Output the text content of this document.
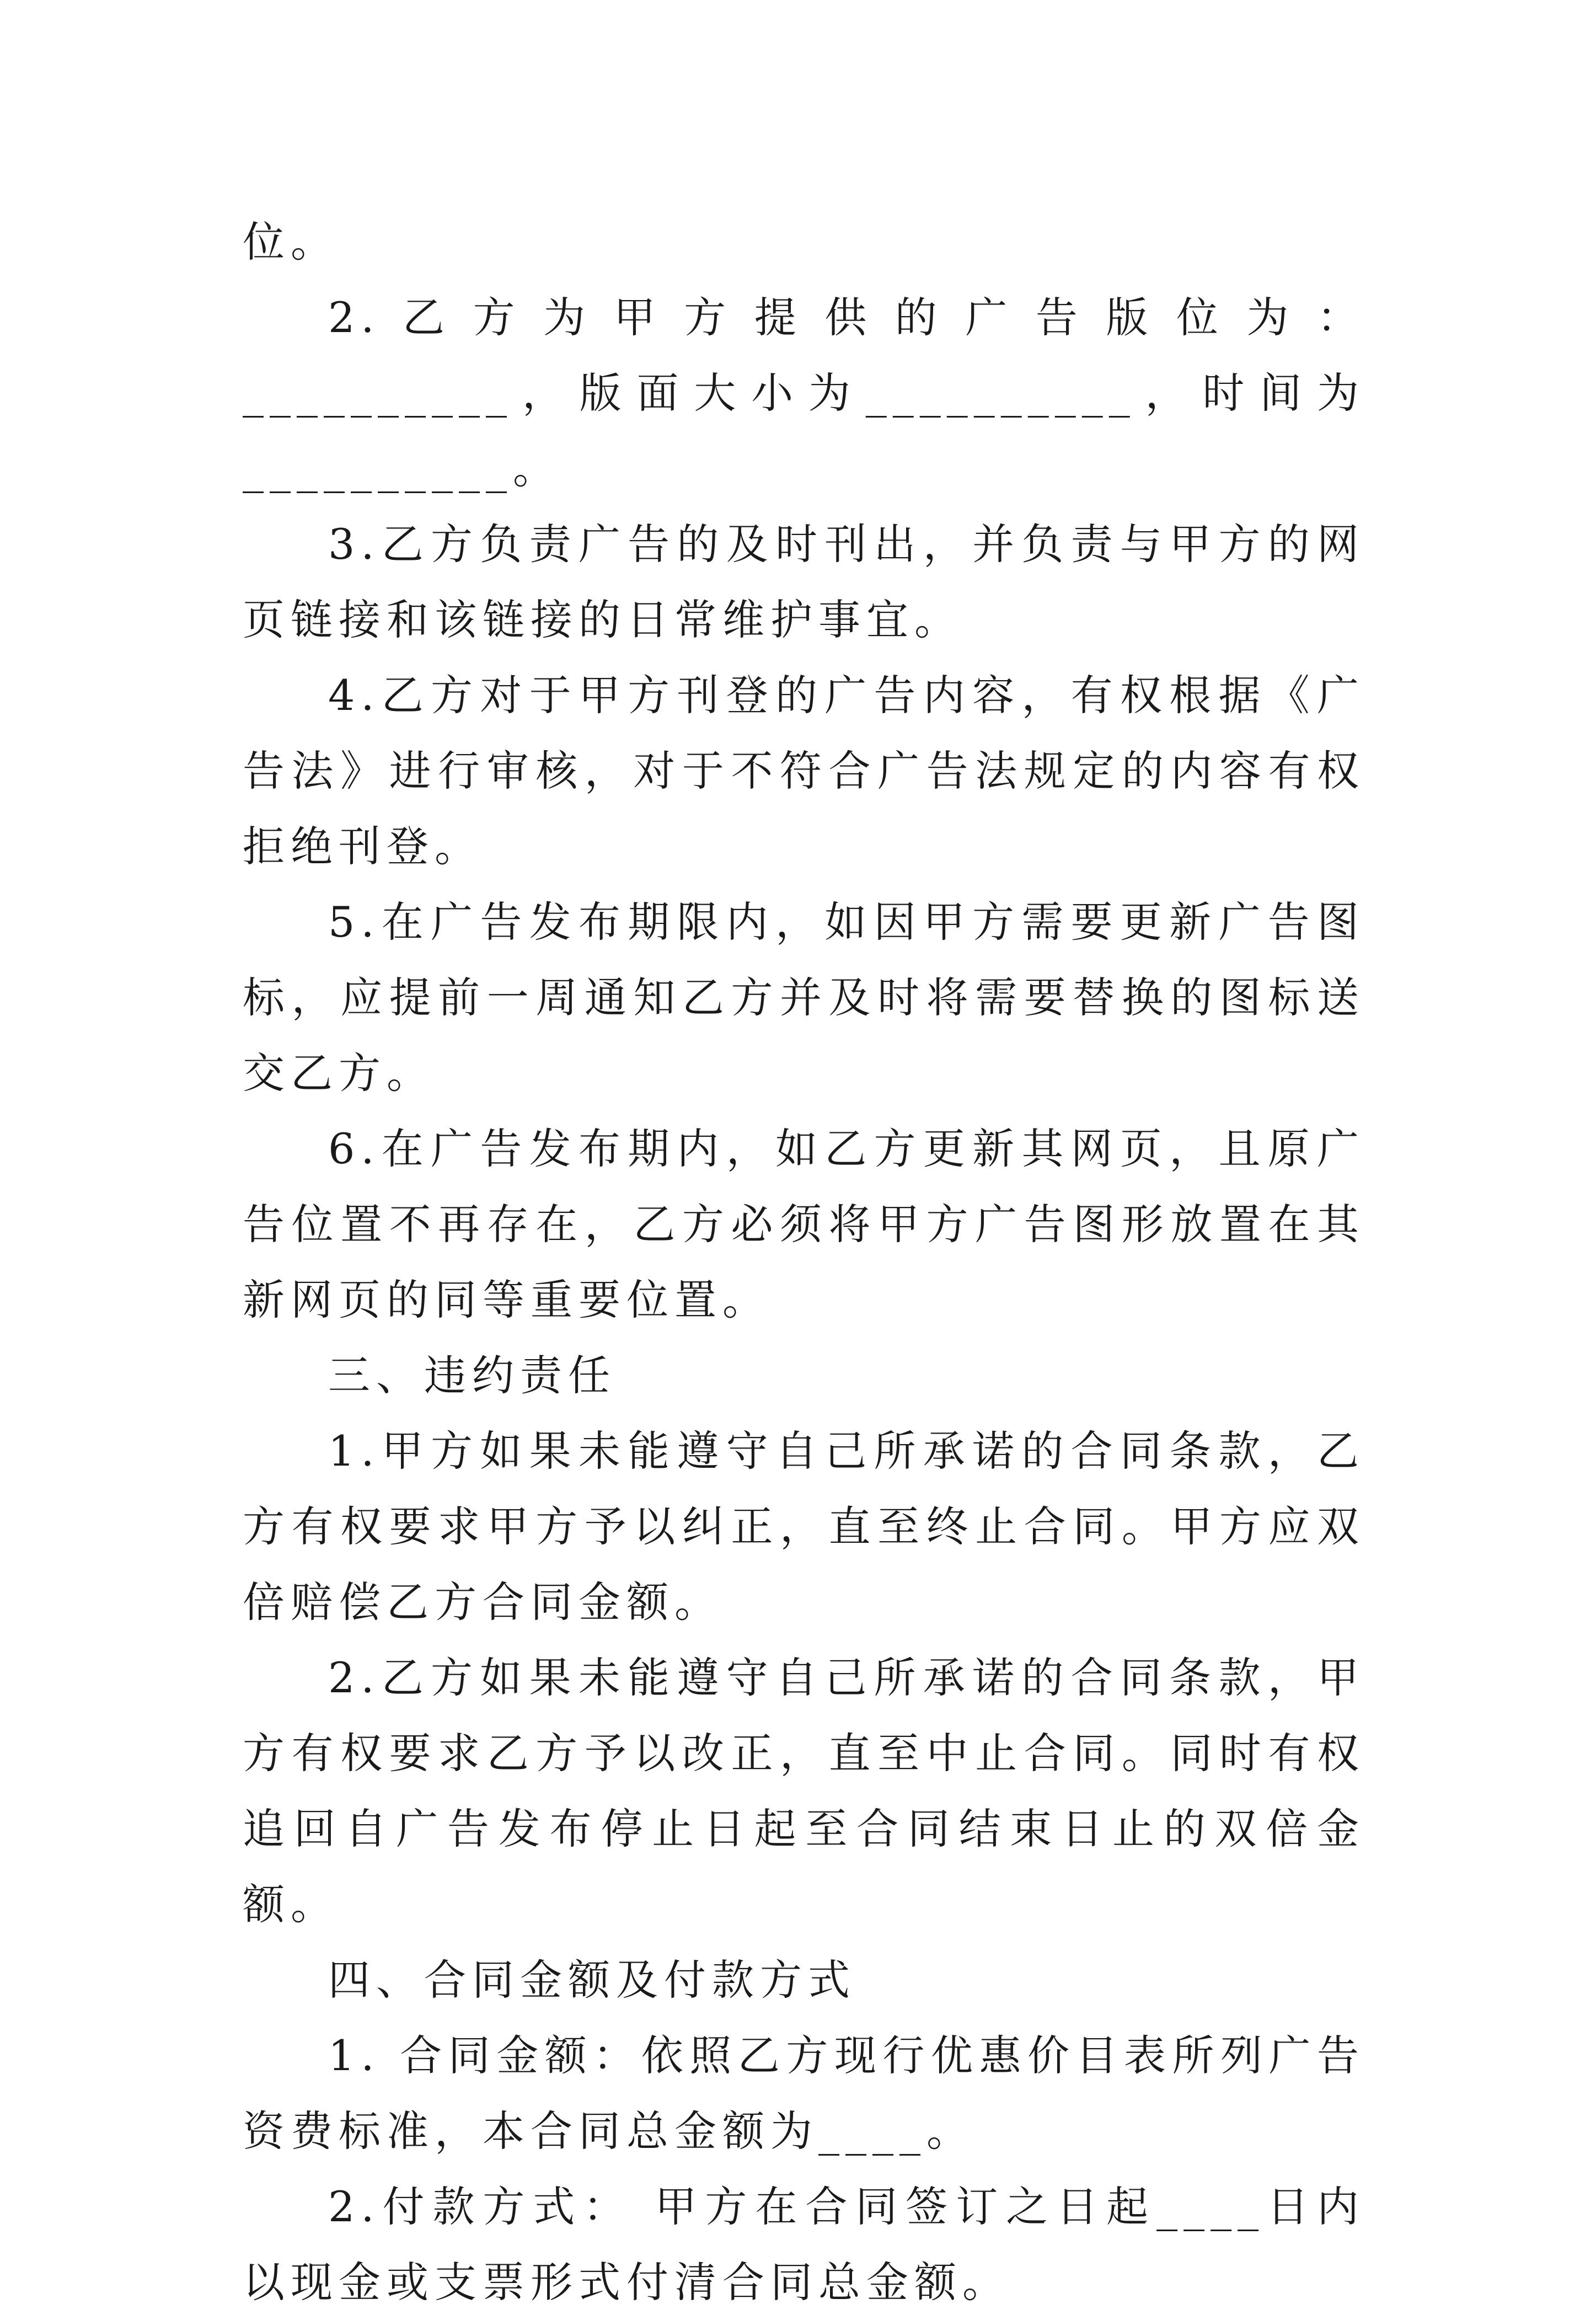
位。

2.乙方为甲方提供的广告版位为： __________，版面大小为__________，时间为__________。

3.乙方负责广告的及时刊出，并负责与甲方的网页链接和该链接的日常维护事宜。

4.乙方对于甲方刊登的广告内容，有权根据《广告法》进行审核，对于不符合广告法规定的内容有权拒绝刊登。

5.在广告发布期限内，如因甲方需要更新广告图标，应提前一周通知乙方并及时将需要替换的图标送交乙方。

6.在广告发布期内，如乙方更新其网页，且原广告位置不再存在，乙方必须将甲方广告图形放置在其新网页的同等重要位置。

三、违约责任

1.甲方如果未能遵守自己所承诺的合同条款，乙方有权要求甲方予以纠正，直至终止合同。甲方应双倍赔偿乙方合同金额。

2.乙方如果未能遵守自己所承诺的合同条款，甲方有权要求乙方予以改正，直至中止合同。同时有权追回自广告发布停止日起至合同结束日止的双倍金额。

四、合同金额及付款方式

1. 合同金额：依照乙方现行优惠价目表所列广告资费标准，本合同总金额为____。

2.付款方式： 甲方在合同签订之日起____日内以现金或支票形式付清合同总金额。
